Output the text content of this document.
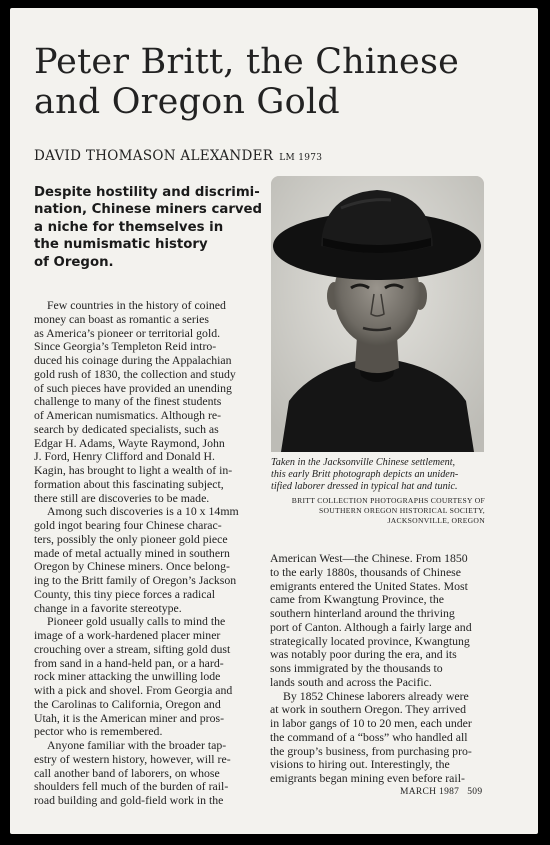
Peter Britt, the Chinese
and Oregon Gold
DAVID THOMASON ALEXANDER LM 1973
Despite hostility and discrimi-
nation, Chinese miners carved
a niche for themselves in
the numismatic history
of Oregon.
Few countries in the history of coined
money can boast as romantic a series
as America’s pioneer or territorial gold.
Since Georgia’s Templeton Reid intro-
duced his coinage during the Appalachian
gold rush of 1830, the collection and study
of such pieces have provided an unending
challenge to many of the finest students
of American numismatics. Although re-
search by dedicated specialists, such as
Edgar H. Adams, Wayte Raymond, John
J. Ford, Henry Clifford and Donald H.
Kagin, has brought to light a wealth of in-
formation about this fascinating subject,
there still are discoveries to be made.
Among such discoveries is a 10 x 14mm
gold ingot bearing four Chinese charac-
ters, possibly the only pioneer gold piece
made of metal actually mined in southern
Oregon by Chinese miners. Once belong-
ing to the Britt family of Oregon’s Jackson
County, this tiny piece forces a radical
change in a favorite stereotype.
Pioneer gold usually calls to mind the
image of a work-hardened placer miner
crouching over a stream, sifting gold dust
from sand in a hand-held pan, or a hard-
rock miner attacking the unwilling lode
with a pick and shovel. From Georgia and
the Carolinas to California, Oregon and
Utah, it is the American miner and pros-
pector who is remembered.
Anyone familiar with the broader tap-
estry of western history, however, will re-
call another band of laborers, on whose
shoulders fell much of the burden of rail-
road building and gold-field work in the
Taken in the Jacksonville Chinese settlement,
this early Britt photograph depicts an uniden-
tified laborer dressed in typical hat and tunic.
BRITT COLLECTION PHOTOGRAPHS COURTESY OF
SOUTHERN OREGON HISTORICAL SOCIETY,
JACKSONVILLE, OREGON
American West—the Chinese. From 1850
to the early 1880s, thousands of Chinese
emigrants entered the United States. Most
came from Kwangtung Province, the
southern hinterland around the thriving
port of Canton. Although a fairly large and
strategically located province, Kwangtung
was notably poor during the era, and its
sons immigrated by the thousands to
lands south and across the Pacific.
By 1852 Chinese laborers already were
at work in southern Oregon. They arrived
in labor gangs of 10 to 20 men, each under
the command of a “boss” who handled all
the group’s business, from purchasing pro-
visions to hiring out. Interestingly, the
emigrants began mining even before rail-
MARCH 1987 509
